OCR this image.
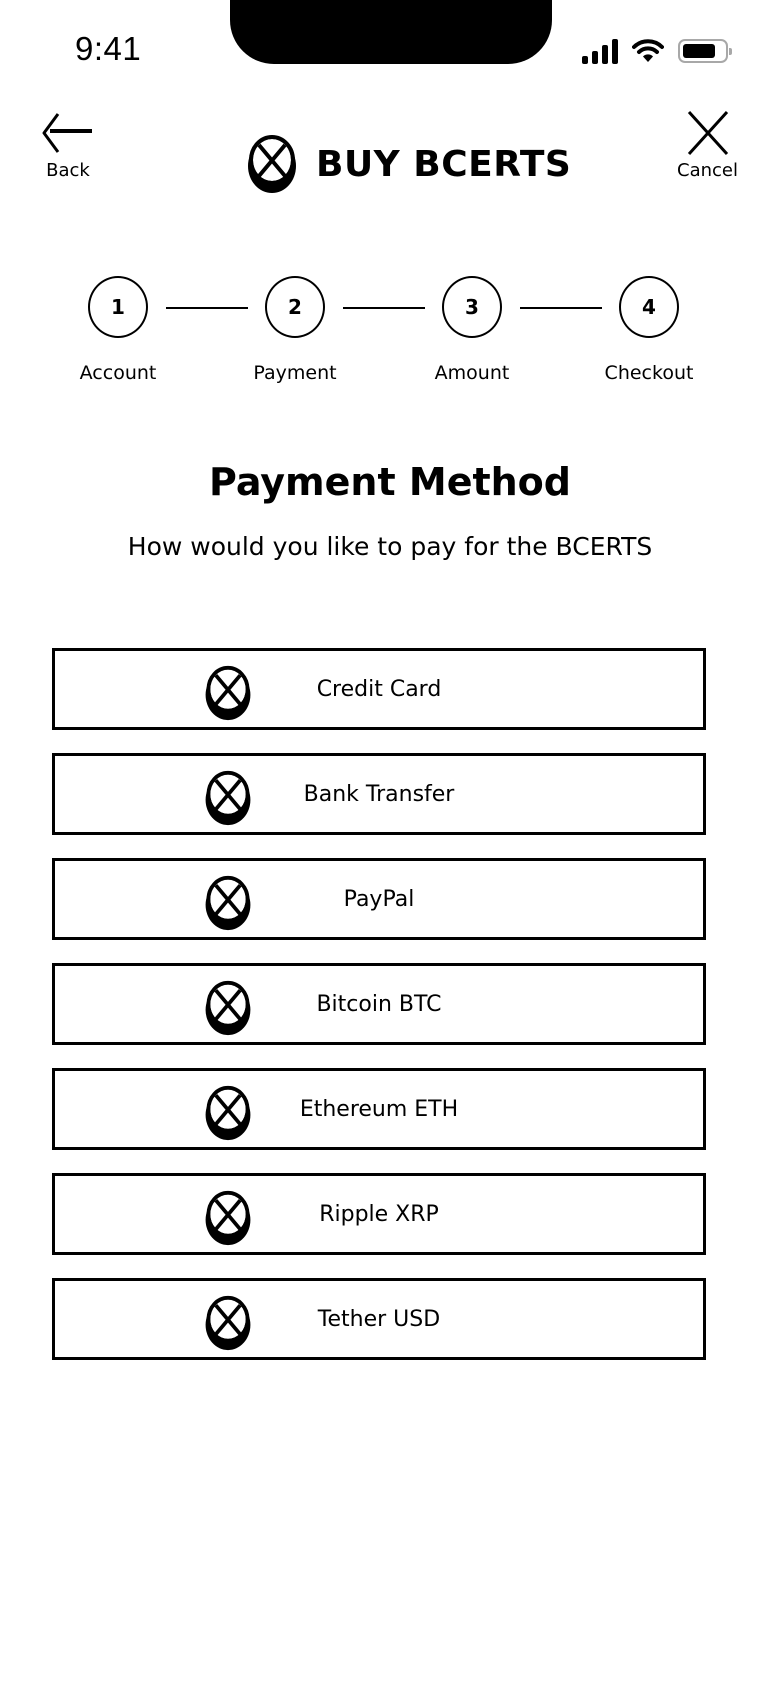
9:41
Back	BUY BCERTS	Cancel
1
Account
2
Payment
3
Amount
4
Checkout
Payment Method
How would you like to pay for the BCERTS
Credit Card
Bank Transfer
PayPal
Bitcoin BTC
Ethereum ETH
Ripple XRP
Tether USD
